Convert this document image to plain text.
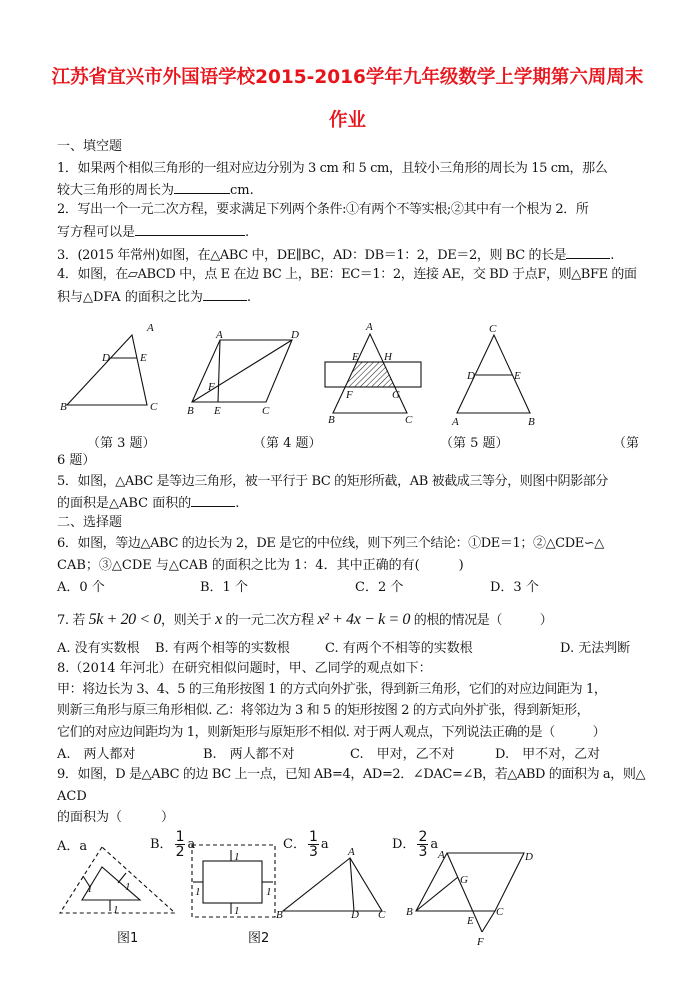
江苏省宜兴市外国语学校2015-2016学年九年级数学上学期第六周周末
作业
一、填空题
1．如果两个相似三角形的一组对应边分别为 3 cm 和 5 cm，且较小三角形的周长为 15 cm，那么
较大三角形的周长为	cm.
2．写出一个一元二次方程，要求满足下列两个条件:①有两个不等实根;②其中有一个根为 2．所
写方程可以是	.
3．(2015 年常州)如图，在△ABC 中，DE∥BC，AD：DB＝1：2，DE＝2，则 BC 的长是	.
4．如图，在▱ABCD 中，点 E 在边 BC 上，BE：EC＝1：2，连接 AE，交 BD 于点F，则△BFE 的面
积与△DFA 的面积之比为	.
A
B	C
D	E
A
B	C
D
E
F
A
B	C
E
F	G
H
C
A	B
D	E
A
B	C
D
A	D
B	C
E
F
G
1	1
1
1
1
1	1
（第 3 题）	（第 4 题）	（第 5 题）	（第
6 题）
5．如图，△ABC 是等边三角形，被一平行于 BC 的矩形所截，AB 被截成三等分，则图中阴影部分
的面积是△ABC 面积的	.
二、选择题
6．如图，等边△ABC 的边长为 2，DE 是它的中位线，则下列三个结论：①DE＝1；②△CDE∽△
CAB；③△CDE 与△CAB 的面积之比为 1：4．其中正确的有(　　　)
A．0 个	B．1 个	C．2 个	D．3 个
7. 若 5k + 20 < 0，则关于 x 的一元二次方程 x² + 4x − k = 0 的根的情况是（　　　）
A. 没有实数根 B. 有两个相等的实数根	C. 有两个不相等的实数根	D. 无法判断
8.（2014 年河北）在研究相似问题时，甲、乙同学的观点如下：
甲：将边长为 3、4、5 的三角形按图 1 的方式向外扩张，得到新三角形，它们的对应边间距为 1，
则新三角形与原三角形相似. 乙：将邻边为 3 和 5 的矩形按图 2 的方式向外扩张，得到新矩形，
它们的对应边间距均为 1，则新矩形与原矩形不相似. 对于两人观点，下列说法正确的是（　　　）
A.　两人都对	B.　两人都不对	C.　甲对，乙不对	D.　甲不对，乙对
9．如图，D 是△ABC 的边 BC 上一点，已知 AB=4，AD=2．∠DAC=∠B，若△ABD 的面积为 a，则△
ACD
的面积为（　　　）
A．a	B． $\frac{1}{2}$ a	C． $\frac{1}{3}$ a	D． $\frac{2}{3}$ a
图1	图2
